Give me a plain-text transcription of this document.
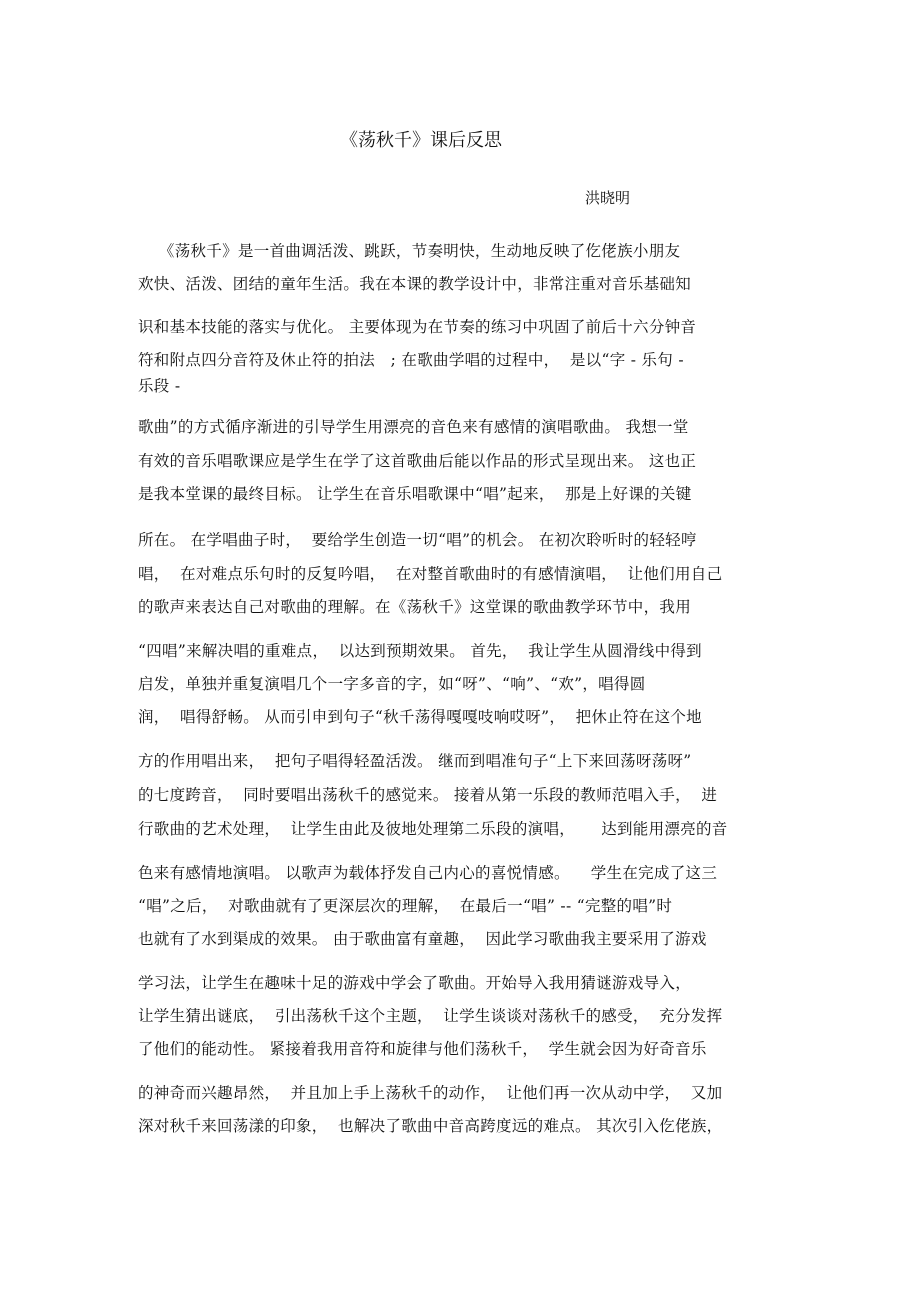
《荡秋千》课后反思
洪晓明
《荡秋千》是一首曲调活泼、跳跃，节奏明快，生动地反映了仡佬族小朋友
欢快、活泼、团结的童年生活。我在本课的教学设计中，非常注重对音乐基础知
识和基本技能的落实与优化。 主要体现为在节奏的练习中巩固了前后十六分钟音
符和附点四分音符及休止符的拍法   ; 在歌曲学唱的过程中，  是以“字 - 乐句 -
乐段 -
歌曲”的方式循序渐进的引导学生用漂亮的音色来有感情的演唱歌曲。 我想一堂
有效的音乐唱歌课应是学生在学了这首歌曲后能以作品的形式呈现出来。 这也正
是我本堂课的最终目标。 让学生在音乐唱歌课中“唱”起来，  那是上好课的关键
所在。 在学唱曲子时，  要给学生创造一切“唱”的机会。 在初次聆听时的轻轻哼
唱，  在对难点乐句时的反复吟唱，  在对整首歌曲时的有感情演唱，  让他们用自己
的歌声来表达自己对歌曲的理解。在《荡秋千》这堂课的歌曲教学环节中，我用
“四唱”来解决唱的重难点，  以达到预期效果。 首先，  我让学生从圆滑线中得到
启发，单独并重复演唱几个一字多音的字，如“呀”、“响”、“欢”，唱得圆
润，  唱得舒畅。 从而引申到句子“秋千荡得嘎嘎吱响哎呀”，  把休止符在这个地
方的作用唱出来，  把句子唱得轻盈活泼。 继而到唱准句子“上下来回荡呀荡呀”
的七度跨音，  同时要唱出荡秋千的感觉来。 接着从第一乐段的教师范唱入手，  进
行歌曲的艺术处理，  让学生由此及彼地处理第二乐段的演唱，     达到能用漂亮的音
色来有感情地演唱。 以歌声为载体抒发自己内心的喜悦情感。    学生在完成了这三
“唱”之后，  对歌曲就有了更深层次的理解，  在最后一“唱” -- “完整的唱”时
也就有了水到渠成的效果。 由于歌曲富有童趣，  因此学习歌曲我主要采用了游戏
学习法，让学生在趣味十足的游戏中学会了歌曲。开始导入我用猜谜游戏导入，
让学生猜出谜底，  引出荡秋千这个主题，  让学生谈谈对荡秋千的感受，  充分发挥
了他们的能动性。 紧接着我用音符和旋律与他们荡秋千，  学生就会因为好奇音乐
的神奇而兴趣昂然，  并且加上手上荡秋千的动作，  让他们再一次从动中学，  又加
深对秋千来回荡漾的印象，  也解决了歌曲中音高跨度远的难点。 其次引入仡佬族，
